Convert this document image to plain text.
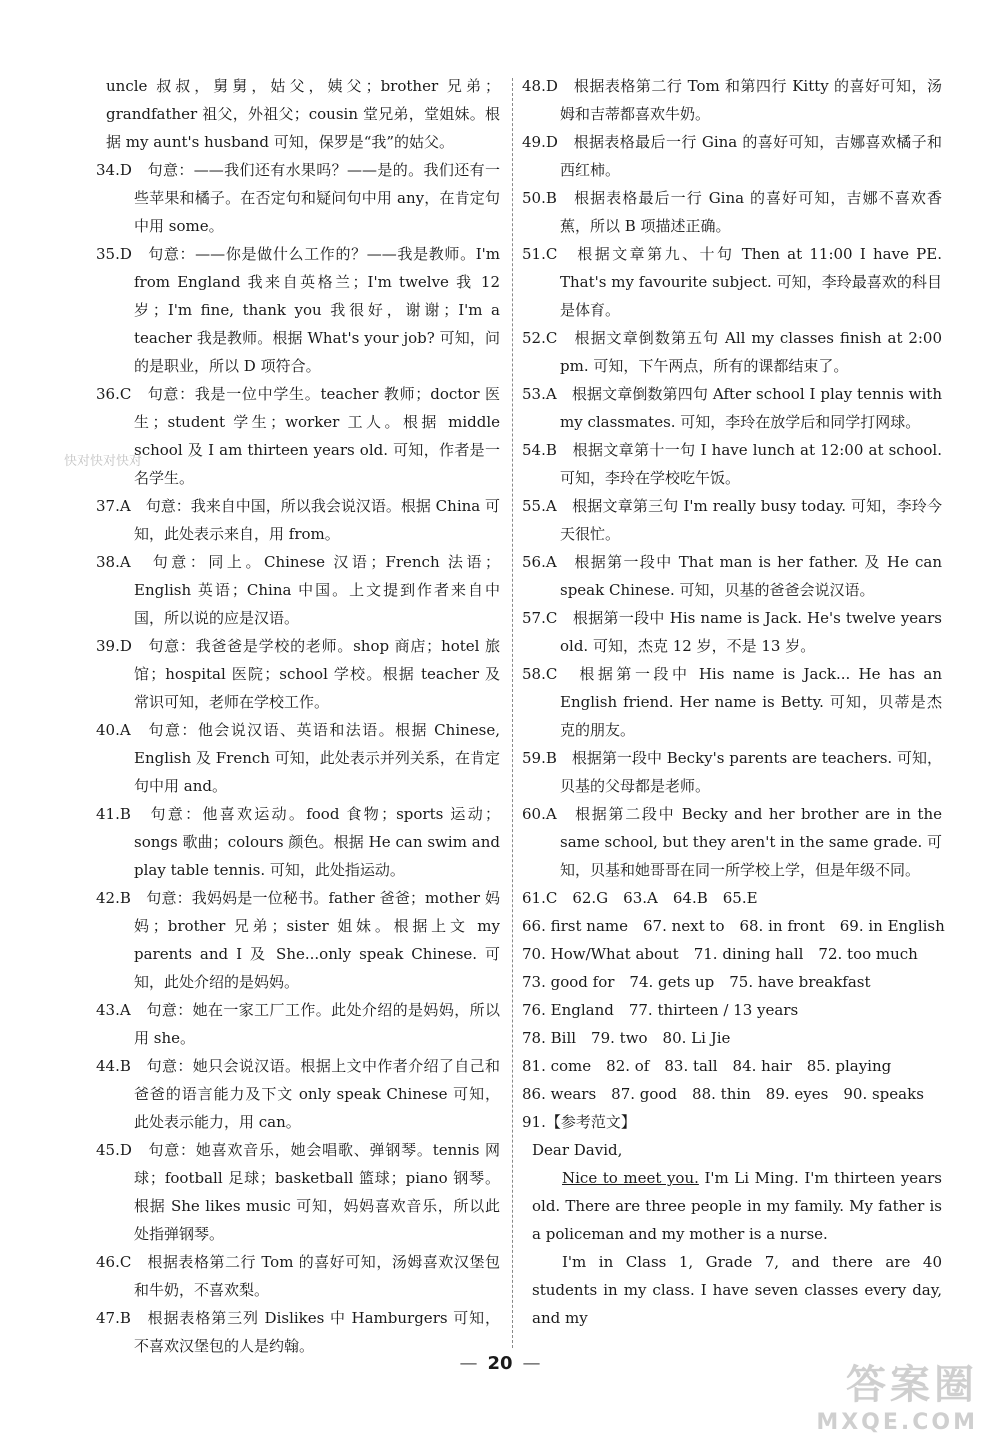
uncle 叔叔，舅舅，姑父，姨父；brother 兄弟；grandfather 祖父，外祖父；cousin 堂兄弟，堂姐妹。根据 my aunt's husband 可知，保罗是“我”的姑父。

34.D　句意：——我们还有水果吗？——是的。我们还有一些苹果和橘子。在否定句和疑问句中用 any，在肯定句中用 some。

35.D　句意：——你是做什么工作的？——我是教师。I'm from England 我来自英格兰；I'm twelve 我 12 岁；I'm fine, thank you 我很好，谢谢；I'm a teacher 我是教师。根据 What's your job? 可知，问的是职业，所以 D 项符合。

36.C　句意：我是一位中学生。teacher 教师；doctor 医生；student 学生；worker 工人。根据 middle school 及 I am thirteen years old. 可知，作者是一名学生。

37.A　句意：我来自中国，所以我会说汉语。根据 China 可知，此处表示来自，用 from。

38.A　句意：同上。Chinese 汉语；French 法语；English 英语；China 中国。上文提到作者来自中国，所以说的应是汉语。

39.D　句意：我爸爸是学校的老师。shop 商店；hotel 旅馆；hospital 医院；school 学校。根据 teacher 及常识可知，老师在学校工作。

40.A　句意：他会说汉语、英语和法语。根据 Chinese, English 及 French 可知，此处表示并列关系，在肯定句中用 and。

41.B　句意：他喜欢运动。food 食物；sports 运动；songs 歌曲；colours 颜色。根据 He can swim and play table tennis. 可知，此处指运动。

42.B　句意：我妈妈是一位秘书。father 爸爸；mother 妈妈；brother 兄弟；sister 姐妹。根据上文 my parents and I 及 She...only speak Chinese. 可知，此处介绍的是妈妈。

43.A　句意：她在一家工厂工作。此处介绍的是妈妈，所以用 she。

44.B　句意：她只会说汉语。根据上文中作者介绍了自己和爸爸的语言能力及下文 only speak Chinese 可知，此处表示能力，用 can。

45.D　句意：她喜欢音乐，她会唱歌、弹钢琴。tennis 网球；football 足球；basketball 篮球；piano 钢琴。根据 She likes music 可知，妈妈喜欢音乐，所以此处指弹钢琴。

46.C　根据表格第二行 Tom 的喜好可知，汤姆喜欢汉堡包和牛奶，不喜欢梨。

47.B　根据表格第三列 Dislikes 中 Hamburgers 可知，不喜欢汉堡包的人是约翰。

48.D　根据表格第二行 Tom 和第四行 Kitty 的喜好可知，汤姆和吉蒂都喜欢牛奶。

49.D　根据表格最后一行 Gina 的喜好可知，吉娜喜欢橘子和西红柿。

50.B　根据表格最后一行 Gina 的喜好可知，吉娜不喜欢香蕉，所以 B 项描述正确。

51.C　根据文章第九、十句 Then at 11:00 I have PE. That's my favourite subject. 可知，李玲最喜欢的科目是体育。

52.C　根据文章倒数第五句 All my classes finish at 2:00 pm. 可知，下午两点，所有的课都结束了。

53.A　根据文章倒数第四句 After school I play tennis with my classmates. 可知，李玲在放学后和同学打网球。

54.B　根据文章第十一句 I have lunch at 12:00 at school. 可知，李玲在学校吃午饭。

55.A　根据文章第三句 I'm really busy today. 可知，李玲今天很忙。

56.A　根据第一段中 That man is her father. 及 He can speak Chinese. 可知，贝基的爸爸会说汉语。

57.C　根据第一段中 His name is Jack. He's twelve years old. 可知，杰克 12 岁，不是 13 岁。

58.C　根据第一段中 His name is Jack... He has an English friend. Her name is Betty. 可知，贝蒂是杰克的朋友。

59.B　根据第一段中 Becky's parents are teachers. 可知，贝基的父母都是老师。

60.A　根据第二段中 Becky and her brother are in the same school, but they aren't in the same grade. 可知，贝基和她哥哥在同一所学校上学，但是年级不同。

61.C　62.G　63.A　64.B　65.E

66. first name　67. next to　68. in front　69. in English

70. How/What about　71. dining hall　72. too much

73. good for　74. gets up　75. have breakfast

76. England　77. thirteen / 13 years

78. Bill　79. two　80. Li Jie

81. come　82. of　83. tall　84. hair　85. playing

86. wears　87. good　88. thin　89. eyes　90. speaks

91.【参考范文】

Dear David,

Nice to meet you. I'm Li Ming. I'm thirteen years old. There are three people in my family. My father is a policeman and my mother is a nurse.

I'm in Class 1, Grade 7, and there are 40 students in my class. I have seven classes every day, and my

快对快对快对
— 20 —	答案圈
MXQE.COM
